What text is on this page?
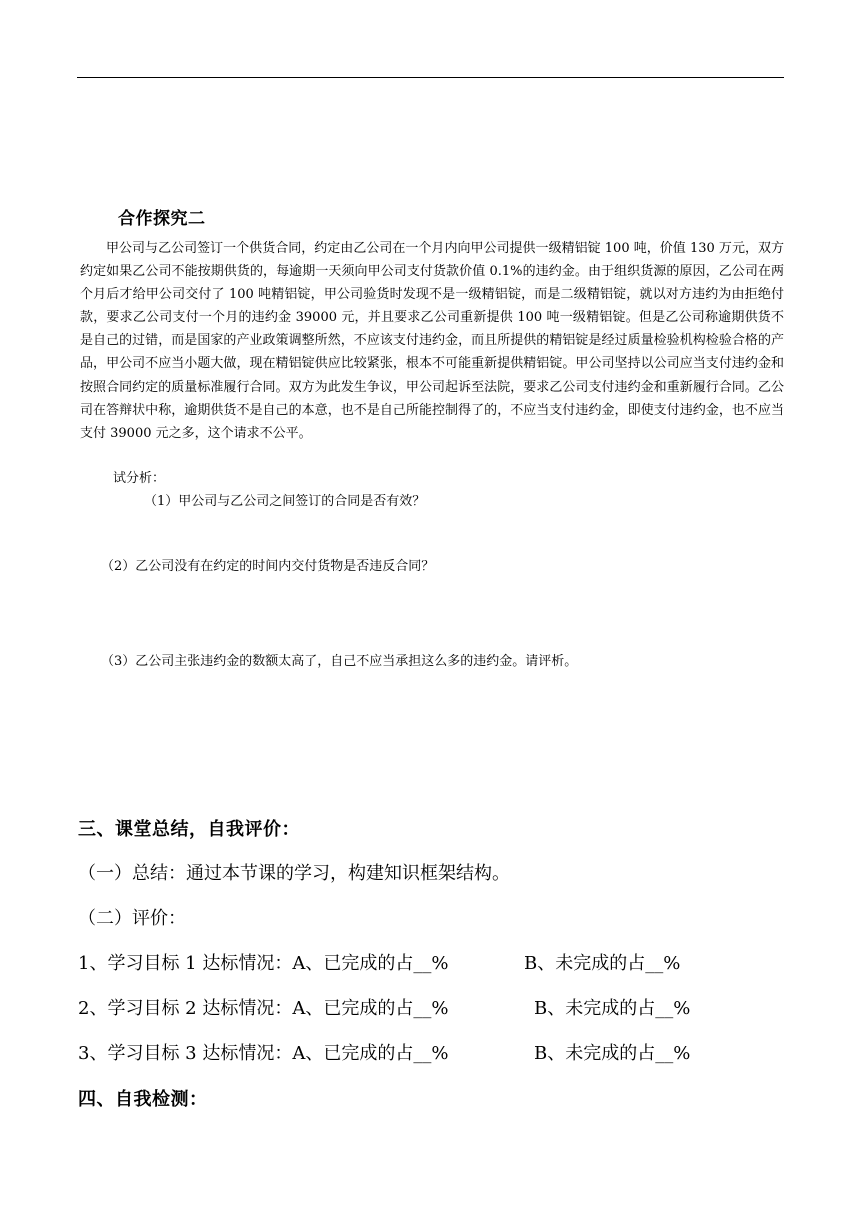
合作探究二

甲公司与乙公司签订一个供货合同，约定由乙公司在一个月内向甲公司提供一级精铝锭 100 吨，价值 130 万元，双方约定如果乙公司不能按期供货的，每逾期一天须向甲公司支付货款价值 0.1%的违约金。由于组织货源的原因，乙公司在两个月后才给甲公司交付了 100 吨精铝锭，甲公司验货时发现不是一级精铝锭，而是二级精铝锭，就以对方违约为由拒绝付款，要求乙公司支付一个月的违约金 39000 元，并且要求乙公司重新提供 100 吨一级精铝锭。但是乙公司称逾期供货不是自己的过错，而是国家的产业政策调整所然，不应该支付违约金，而且所提供的精铝锭是经过质量检验机构检验合格的产品，甲公司不应当小题大做，现在精铝锭供应比较紧张，根本不可能重新提供精铝锭。甲公司坚持以公司应当支付违约金和按照合同约定的质量标准履行合同。双方为此发生争议，甲公司起诉至法院，要求乙公司支付违约金和重新履行合同。乙公司在答辩状中称，逾期供货不是自己的本意，也不是自己所能控制得了的，不应当支付违约金，即使支付违约金，也不应当支付 39000 元之多，这个请求不公平。

试分析：
（1）甲公司与乙公司之间签订的合同是否有效？
（2）乙公司没有在约定的时间内交付货物是否违反合同？
（3）乙公司主张违约金的数额太高了，自己不应当承担这么多的违约金。请评析。
三、课堂总结，自我评价：
（一）总结：通过本节课的学习，构建知识框架结构。
（二）评价：
1、学习目标 1 达标情况：A、已完成的占__%	B、未完成的占__%
2、学习目标 2 达标情况：A、已完成的占__%	B、未完成的占__%
3、学习目标 3 达标情况：A、已完成的占__%	B、未完成的占__%
四、自我检测：
